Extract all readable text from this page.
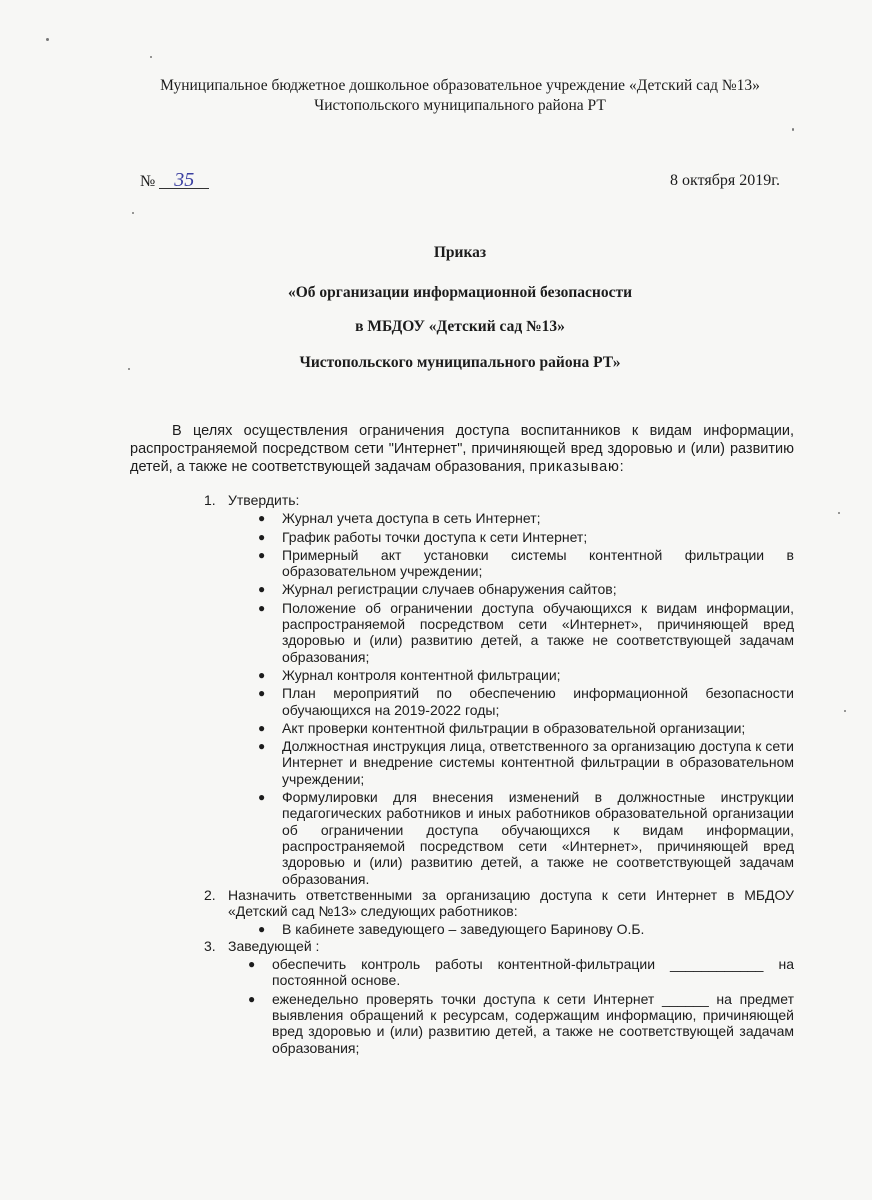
Муниципальное бюджетное дошкольное образовательное учреждение «Детский сад №13»
Чистопольского муниципального района РТ
№ 35	8 октября 2019г.
Приказ
«Об организации информационной безопасности
в МБДОУ «Детский сад №13»
Чистопольского муниципального района РТ»
В целях осуществления ограничения доступа воспитанников к видам информации, распространяемой посредством сети "Интернет", причиняющей вред здоровью и (или) развитию детей, а также не соответствующей задачам образования, приказываю:
1. Утвердить:
● Журнал учета доступа в сеть Интернет;
● График работы точки доступа к сети Интернет;
● Примерный акт установки системы контентной фильтрации в образовательном учреждении;
● Журнал регистрации случаев обнаружения сайтов;
● Положение об ограничении доступа обучающихся к видам информации, распространяемой посредством сети «Интернет», причиняющей вред здоровью и (или) развитию детей, а также не соответствующей задачам образования;
● Журнал контроля контентной фильтрации;
● План мероприятий по обеспечению информационной безопасности обучающихся на 2019-2022 годы;
● Акт проверки контентной фильтрации в образовательной организации;
● Должностная инструкция лица, ответственного за организацию доступа к сети Интернет и внедрение системы контентной фильтрации в образовательном учреждении;
● Формулировки для внесения изменений в должностные инструкции педагогических работников и иных работников образовательной организации об ограничении доступа обучающихся к видам информации, распространяемой посредством сети «Интернет», причиняющей вред здоровью и (или) развитию детей, а также не соответствующей задачам образования.
2. Назначить ответственными за организацию доступа к сети Интернет в МБДОУ «Детский сад №13» следующих работников:
● В кабинете заведующего – заведующего Баринову О.Б.
3. Заведующей :
● обеспечить контроль работы контентной-фильтрации ____________ на постоянной основе.
● еженедельно проверять точки доступа к сети Интернет ______ на предмет выявления обращений к ресурсам, содержащим информацию, причиняющей вред здоровью и (или) развитию детей, а также не соответствующей задачам образования;
